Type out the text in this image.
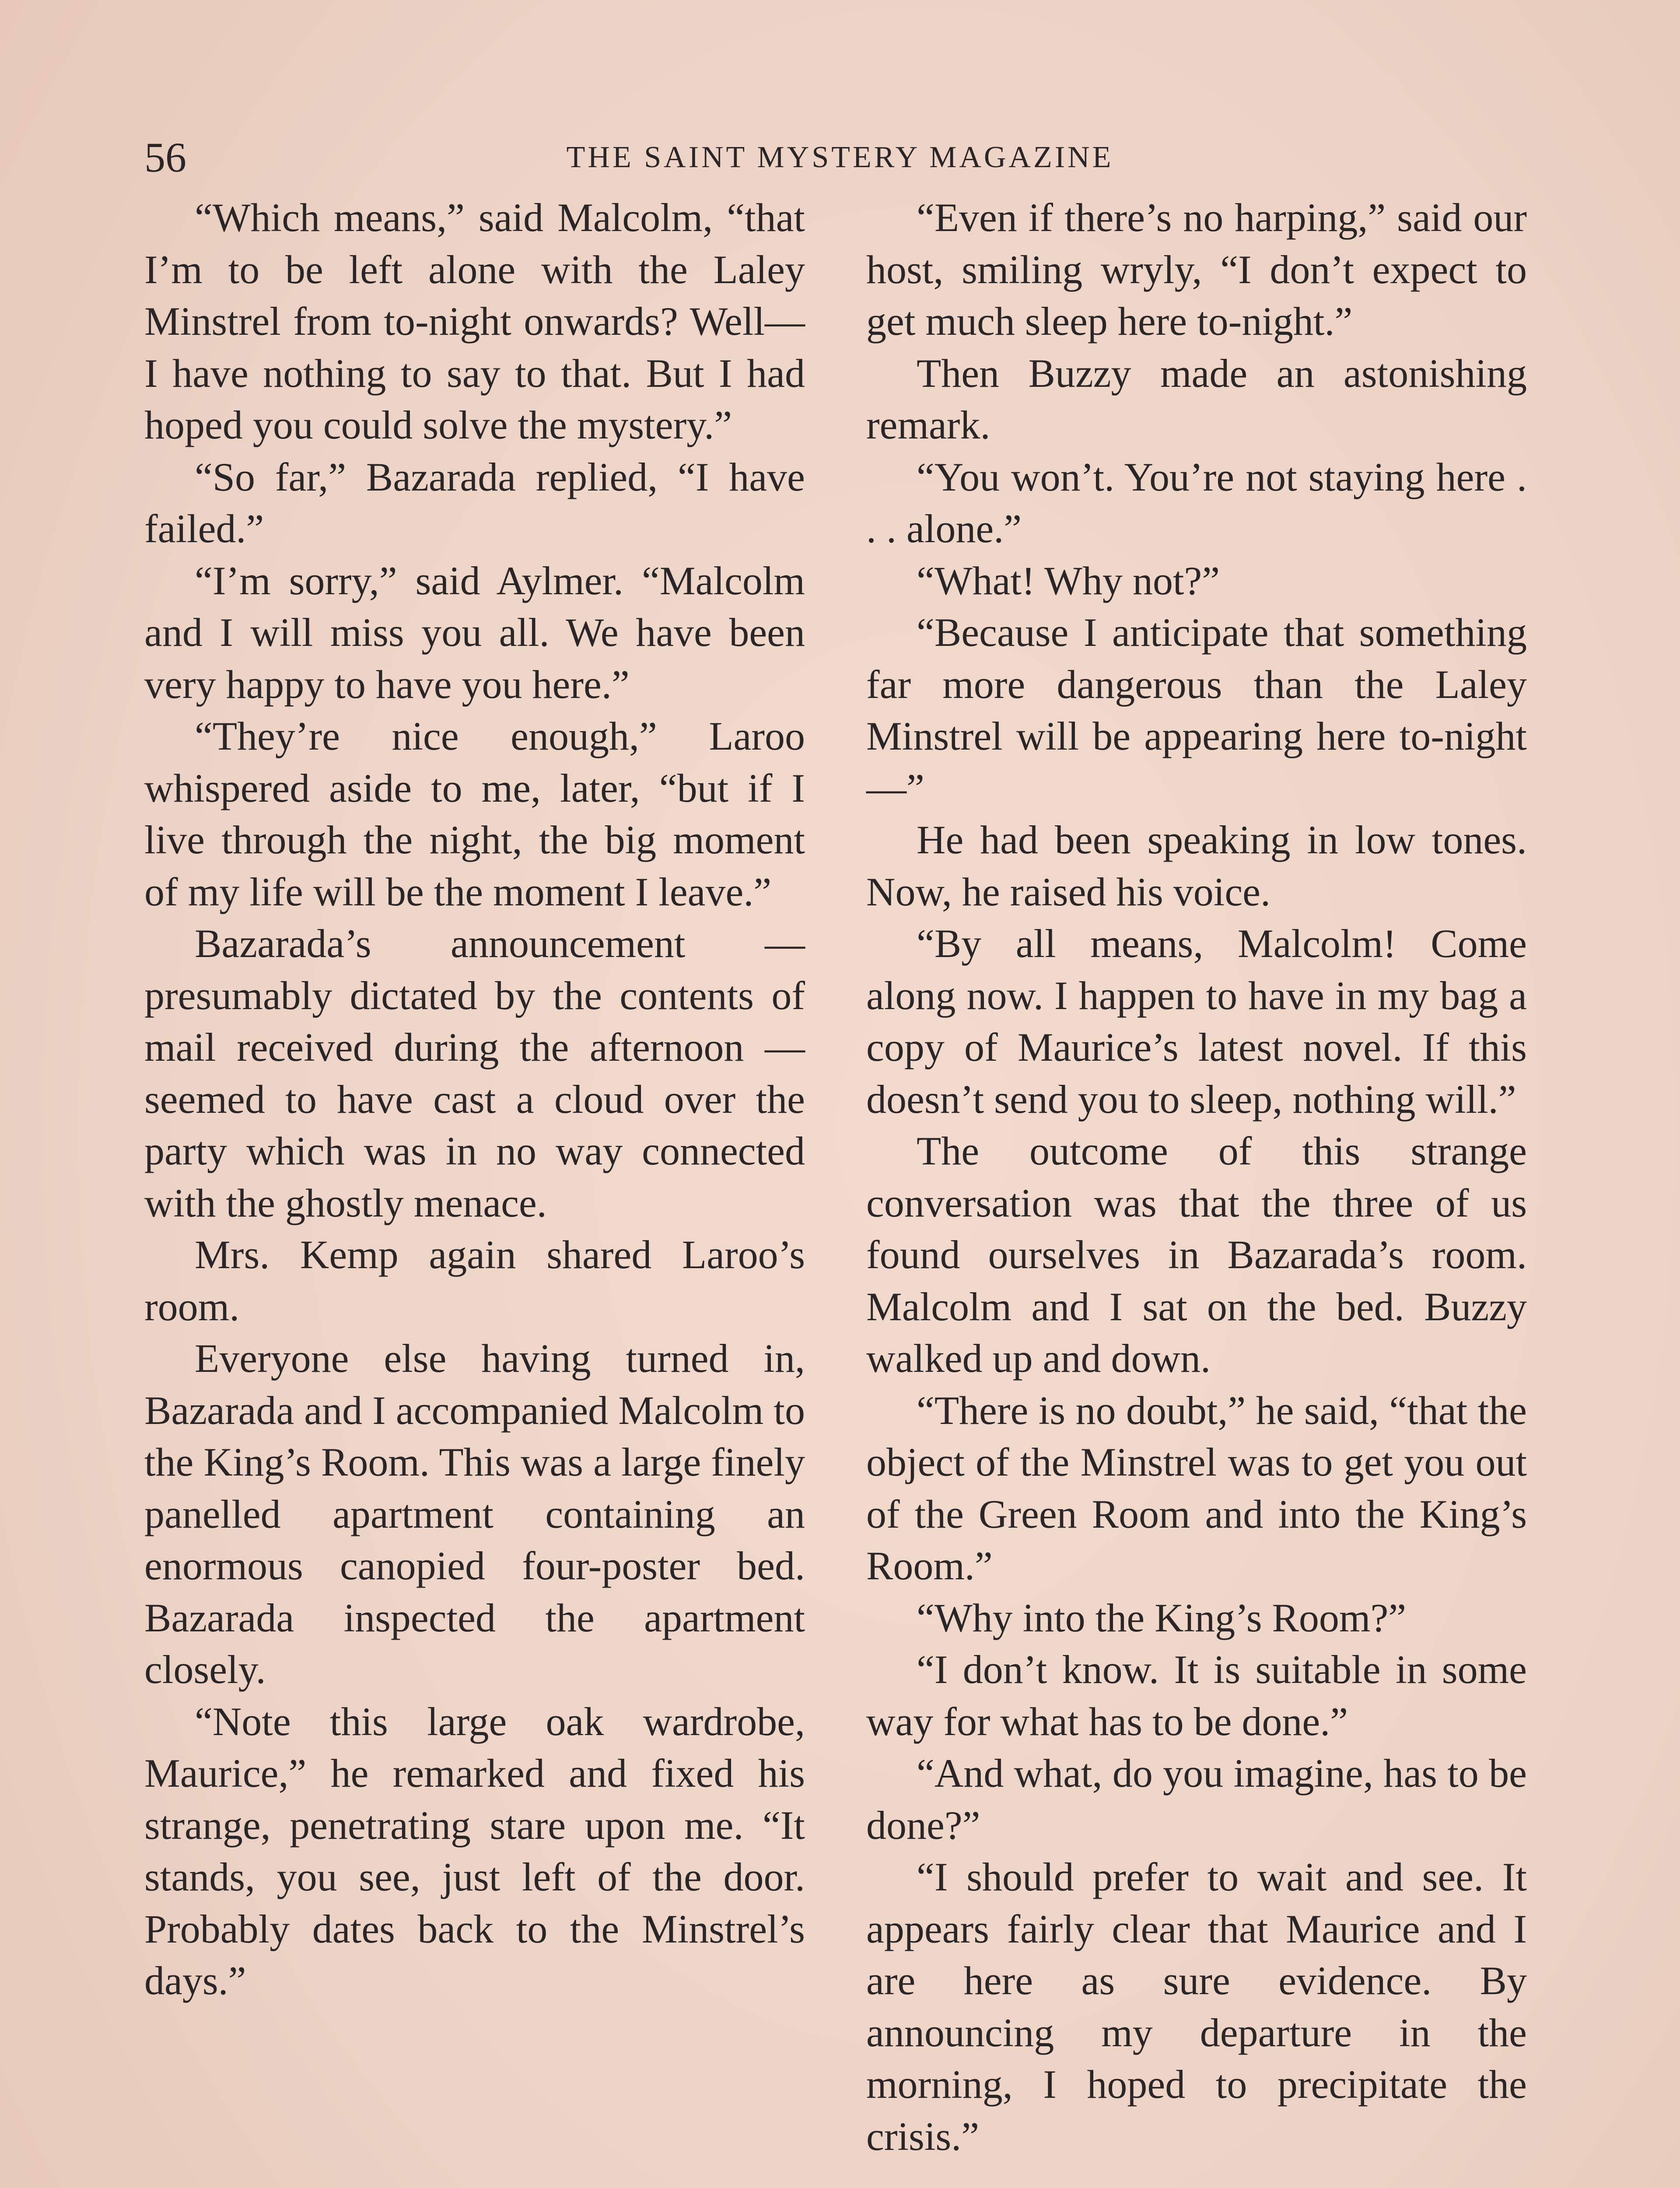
56	THE SAINT MYSTERY MAGAZINE

“Which means,” said Malcolm, “that I’m to be left alone with the Laley Minstrel from to-night onwards? Well—I have nothing to say to that. But I had hoped you could solve the mystery.”

“So far,” Bazarada replied, “I have failed.”

“I’m sorry,” said Aylmer. “Malcolm and I will miss you all. We have been very happy to have you here.”

“They’re nice enough,” Laroo whispered aside to me, later, “but if I live through the night, the big moment of my life will be the moment I leave.”

Bazarada’s announcement — presumably dictated by the contents of mail received during the afternoon — seemed to have cast a cloud over the party which was in no way connected with the ghostly menace.

Mrs. Kemp again shared Laroo’s room.

Everyone else having turned in, Bazarada and I accompanied Malcolm to the King’s Room. This was a large finely panelled apartment containing an enormous canopied four-poster bed. Bazarada inspected the apartment closely.

“Note this large oak wardrobe, Maurice,” he remarked and fixed his strange, penetrating stare upon me. “It stands, you see, just left of the door. Probably dates back to the Minstrel’s days.”

“Even if there’s no harping,” said our host, smiling wryly, “I don’t expect to get much sleep here to-night.”

Then Buzzy made an astonishing remark.

“You won’t. You’re not staying here . . . alone.”

“What! Why not?”

“Because I anticipate that something far more dangerous than the Laley Minstrel will be appearing here to-night—”

He had been speaking in low tones. Now, he raised his voice.

“By all means, Malcolm! Come along now. I happen to have in my bag a copy of Maurice’s latest novel. If this doesn’t send you to sleep, nothing will.”

The outcome of this strange conversation was that the three of us found ourselves in Bazarada’s room. Malcolm and I sat on the bed. Buzzy walked up and down.

“There is no doubt,” he said, “that the object of the Minstrel was to get you out of the Green Room and into the King’s Room.”

“Why into the King’s Room?”

“I don’t know. It is suitable in some way for what has to be done.”

“And what, do you imagine, has to be done?”

“I should prefer to wait and see. It appears fairly clear that Maurice and I are here as sure evidence. By announcing my departure in the morning, I hoped to precipitate the crisis.”
